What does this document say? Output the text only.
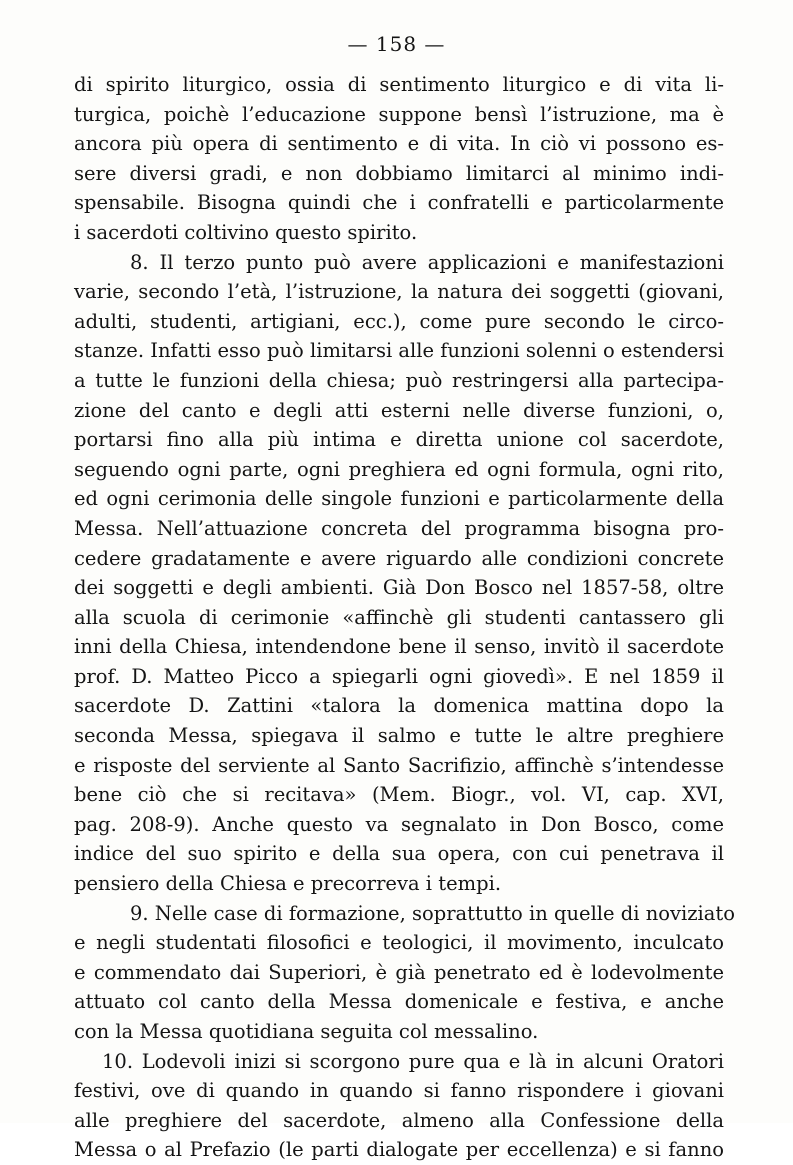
— 158 —
di spirito liturgico, ossia di sentimento liturgico e di vita li-
turgica, poichè l’educazione suppone bensì l’istruzione, ma è
ancora più opera di sentimento e di vita. In ciò vi possono es-
sere diversi gradi, e non dobbiamo limitarci al minimo indi-
spensabile. Bisogna quindi che i confratelli e particolarmente
i sacerdoti coltivino questo spirito.
8. Il terzo punto può avere applicazioni e manifestazioni
varie, secondo l’età, l’istruzione, la natura dei soggetti (giovani,
adulti, studenti, artigiani, ecc.), come pure secondo le circo-
stanze. Infatti esso può limitarsi alle funzioni solenni o estendersi
a tutte le funzioni della chiesa; può restringersi alla partecipa-
zione del canto e degli atti esterni nelle diverse funzioni, o,
portarsi fino alla più intima e diretta unione col sacerdote,
seguendo ogni parte, ogni preghiera ed ogni formula, ogni rito,
ed ogni cerimonia delle singole funzioni e particolarmente della
Messa. Nell’attuazione concreta del programma bisogna pro-
cedere gradatamente e avere riguardo alle condizioni concrete
dei soggetti e degli ambienti. Già Don Bosco nel 1857-58, oltre
alla scuola di cerimonie «affinchè gli studenti cantassero gli
inni della Chiesa, intendendone bene il senso, invitò il sacerdote
prof. D. Matteo Picco a spiegarli ogni giovedì». E nel 1859 il
sacerdote D. Zattini «talora la domenica mattina dopo la
seconda Messa, spiegava il salmo e tutte le altre preghiere
e risposte del serviente al Santo Sacrifizio, affinchè s’intendesse
bene ciò che si recitava» (Mem. Biogr., vol. VI, cap. XVI,
pag. 208-9). Anche questo va segnalato in Don Bosco, come
indice del suo spirito e della sua opera, con cui penetrava il
pensiero della Chiesa e precorreva i tempi.
9. Nelle case di formazione, soprattutto in quelle di noviziato
e negli studentati filosofici e teologici, il movimento, inculcato
e commendato dai Superiori, è già penetrato ed è lodevolmente
attuato col canto della Messa domenicale e festiva, e anche
con la Messa quotidiana seguita col messalino.
10. Lodevoli inizi si scorgono pure qua e là in alcuni Oratori
festivi, ove di quando in quando si fanno rispondere i giovani
alle preghiere del sacerdote, almeno alla Confessione della
Messa o al Prefazio (le parti dialogate per eccellenza) e si fanno
